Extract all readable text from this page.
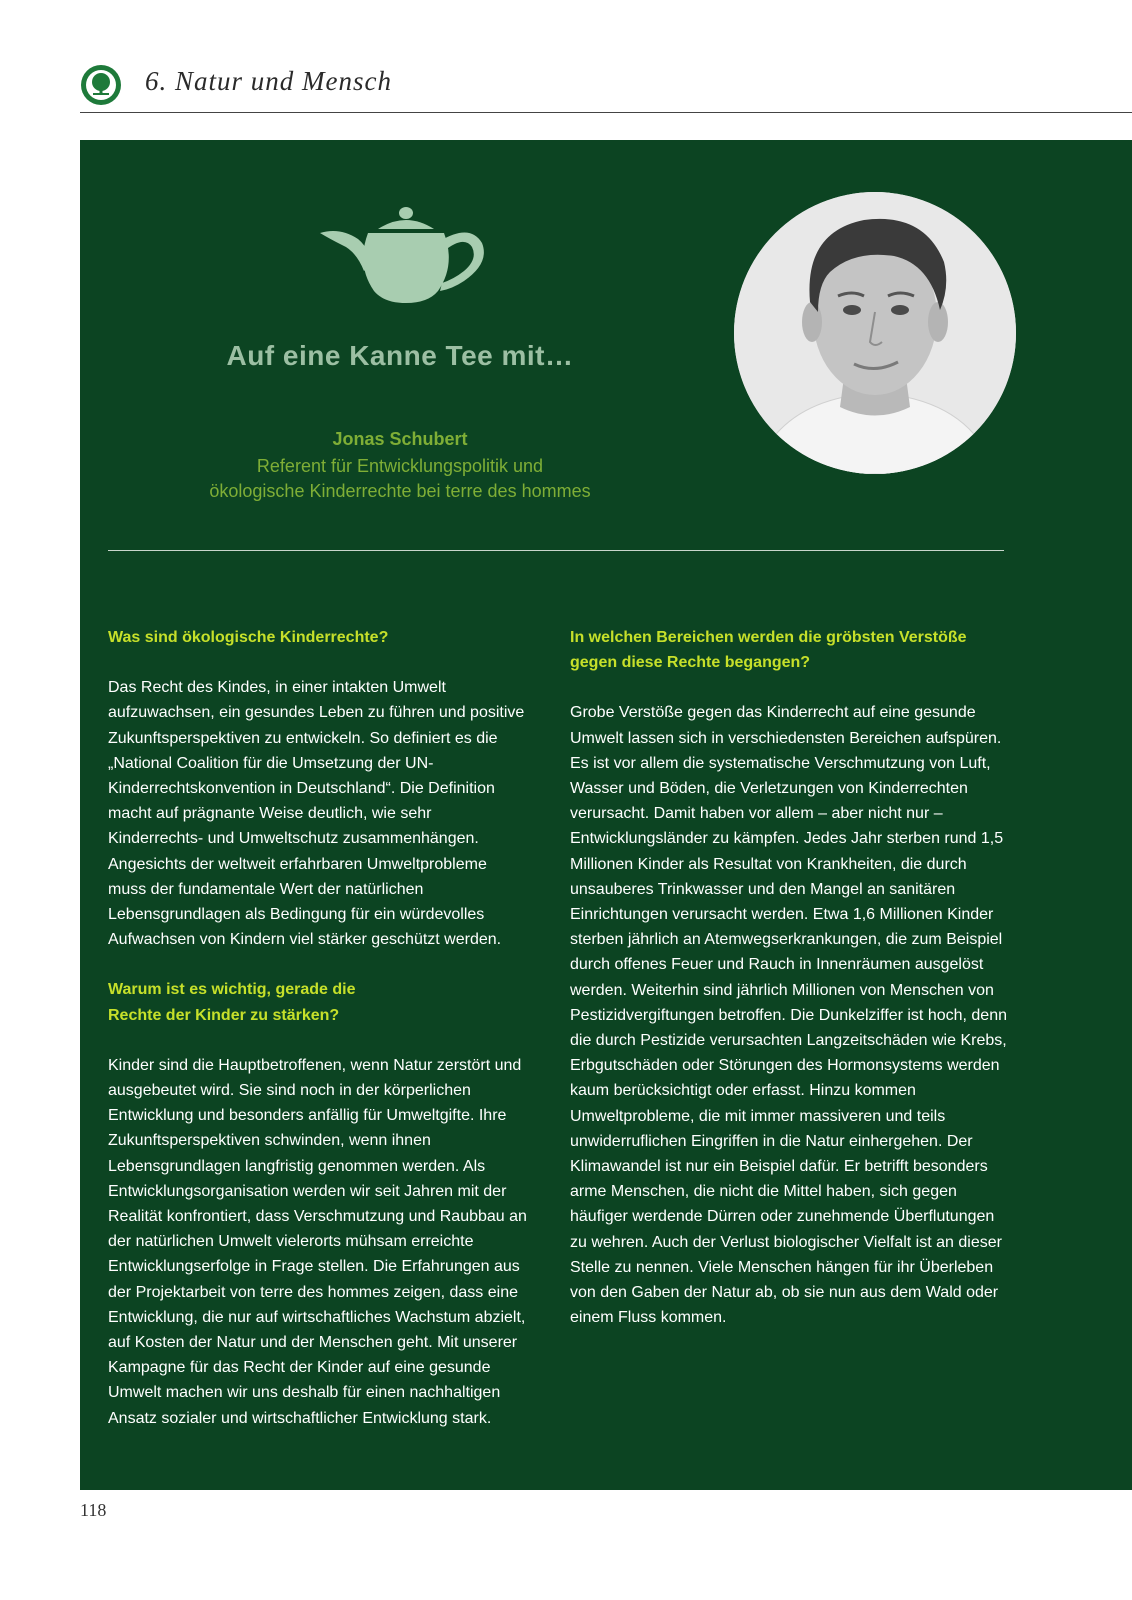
6. Natur und Mensch
Auf eine Kanne Tee mit…
Jonas Schubert
Referent für Entwicklungspolitik und
ökologische Kinderrechte bei terre des hommes

Was sind ökologische Kinderrechte?

Das Recht des Kindes, in einer intakten Umwelt aufzuwachsen, ein gesundes Leben zu führen und positive Zukunftsperspektiven zu entwickeln. So definiert es die „National Coalition für die Umsetzung der UN-Kinderrechtskonvention in Deutschland“. Die Definition macht auf prägnante Weise deutlich, wie sehr Kinderrechts- und Umweltschutz zusammenhängen. Angesichts der weltweit erfahrbaren Umweltprobleme muss der fundamentale Wert der natürlichen Lebensgrundlagen als Bedingung für ein würdevolles Aufwachsen von Kindern viel stärker geschützt werden.

Warum ist es wichtig, gerade die Rechte der Kinder zu stärken?

Kinder sind die Hauptbetroffenen, wenn Natur zerstört und ausgebeutet wird. Sie sind noch in der körperlichen Entwicklung und besonders anfällig für Umweltgifte. Ihre Zukunftsperspektiven schwinden, wenn ihnen Lebensgrundlagen langfristig genommen werden. Als Entwicklungsorganisation werden wir seit Jahren mit der Realität konfrontiert, dass Verschmutzung und Raubbau an der natürlichen Umwelt vielerorts mühsam erreichte Entwicklungserfolge in Frage stellen. Die Erfahrungen aus der Projektarbeit von terre des hommes zeigen, dass eine Entwicklung, die nur auf wirtschaftliches Wachstum abzielt, auf Kosten der Natur und der Menschen geht. Mit unserer Kampagne für das Recht der Kinder auf eine gesunde Umwelt machen wir uns deshalb für einen nachhaltigen Ansatz sozialer und wirtschaftlicher Entwicklung stark.

In welchen Bereichen werden die gröbsten Verstöße gegen diese Rechte begangen?

Grobe Verstöße gegen das Kinderrecht auf eine gesunde Umwelt lassen sich in verschiedensten Bereichen aufspüren. Es ist vor allem die systematische Verschmutzung von Luft, Wasser und Böden, die Verletzungen von Kinderrechten verursacht. Damit haben vor allem – aber nicht nur – Entwicklungsländer zu kämpfen. Jedes Jahr sterben rund 1,5 Millionen Kinder als Resultat von Krankheiten, die durch unsauberes Trinkwasser und den Mangel an sanitären Einrichtungen verursacht werden. Etwa 1,6 Millionen Kinder sterben jährlich an Atemwegserkrankungen, die zum Beispiel durch offenes Feuer und Rauch in Innenräumen ausgelöst werden. Weiterhin sind jährlich Millionen von Menschen von Pestizidvergiftungen betroffen. Die Dunkelziffer ist hoch, denn die durch Pestizide verursachten Langzeitschäden wie Krebs, Erbgutschäden oder Störungen des Hormonsystems werden kaum berücksichtigt oder erfasst. Hinzu kommen Umweltprobleme, die mit immer massiveren und teils unwiderruflichen Eingriffen in die Natur einhergehen. Der Klimawandel ist nur ein Beispiel dafür. Er betrifft besonders arme Menschen, die nicht die Mittel haben, sich gegen häufiger werdende Dürren oder zunehmende Überflutungen zu wehren. Auch der Verlust biologischer Vielfalt ist an dieser Stelle zu nennen. Viele Menschen hängen für ihr Überleben von den Gaben der Natur ab, ob sie nun aus dem Wald oder einem Fluss kommen.

118
